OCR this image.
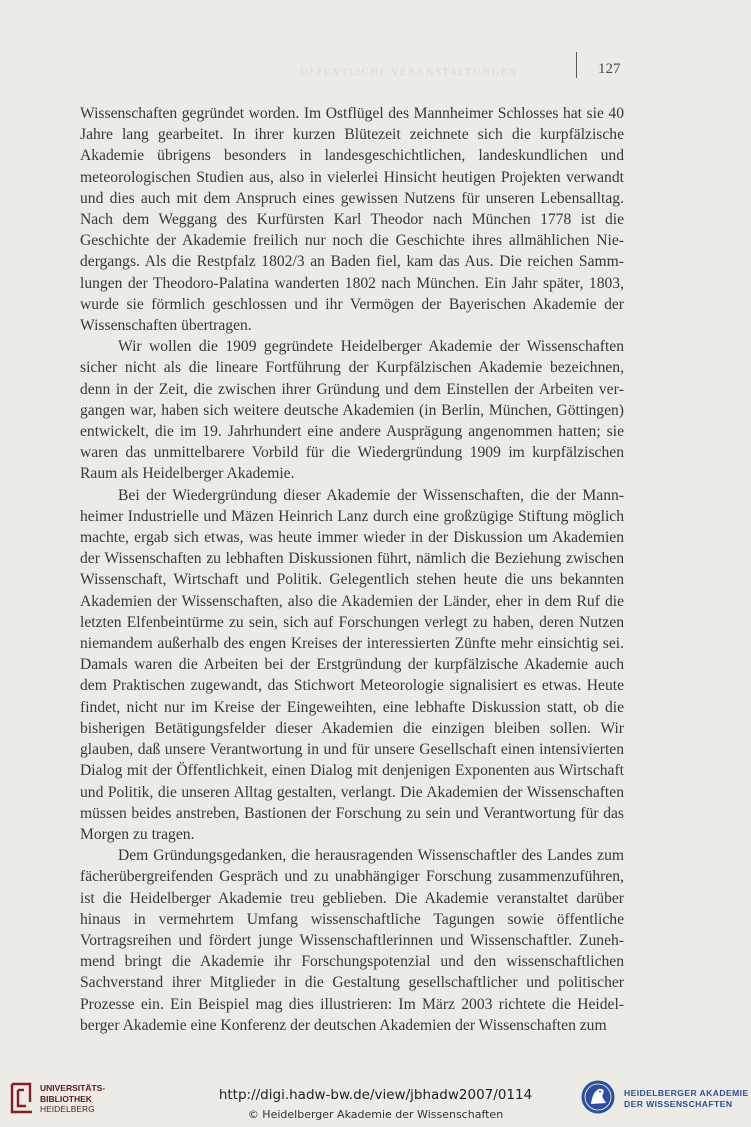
OFFENTLICHE VERANSTALTUNGEN	127

Wissenschaften gegründet worden. Im Ostflügel des Mannheimer Schlosses hat sie 40 Jahre lang gearbeitet. In ihrer kurzen Blütezeit zeichnete sich die kurpfälzische Akademie übrigens besonders in landesgeschichtlichen, landeskundlichen und meteorologischen Studien aus, also in vielerlei Hinsicht heutigen Projekten verwandt und dies auch mit dem Anspruch eines gewissen Nutzens für unseren Lebensalltag. Nach dem Weggang des Kurfürsten Karl Theodor nach München 1778 ist die Geschichte der Akademie freilich nur noch die Geschichte ihres allmählichen Niedergangs. Als die Restpfalz 1802/3 an Baden fiel, kam das Aus. Die reichen Sammlungen der Theodoro-Palatina wanderten 1802 nach München. Ein Jahr später, 1803, wurde sie förmlich geschlossen und ihr Vermögen der Bayerischen Akademie der Wissenschaften übertragen.

Wir wollen die 1909 gegründete Heidelberger Akademie der Wissenschaften sicher nicht als die lineare Fortführung der Kurpfälzischen Akademie bezeichnen, denn in der Zeit, die zwischen ihrer Gründung und dem Einstellen der Arbeiten vergangen war, haben sich weitere deutsche Akademien (in Berlin, München, Göttingen) entwickelt, die im 19. Jahrhundert eine andere Ausprägung angenommen hatten; sie waren das unmittelbarere Vorbild für die Wiedergründung 1909 im kurpfälzischen Raum als Heidelberger Akademie.

Bei der Wiedergründung dieser Akademie der Wissenschaften, die der Mannheimer Industrielle und Mäzen Heinrich Lanz durch eine großzügige Stiftung möglich machte, ergab sich etwas, was heute immer wieder in der Diskussion um Akademien der Wissenschaften zu lebhaften Diskussionen führt, nämlich die Beziehung zwischen Wissenschaft, Wirtschaft und Politik. Gelegentlich stehen heute die uns bekannten Akademien der Wissenschaften, also die Akademien der Länder, eher in dem Ruf die letzten Elfenbeintürme zu sein, sich auf Forschungen verlegt zu haben, deren Nutzen niemandem außerhalb des engen Kreises der interessierten Zünfte mehr einsichtig sei. Damals waren die Arbeiten bei der Erstgründung der kurpfälzische Akademie auch dem Praktischen zugewandt, das Stichwort Meteorologie signalisiert es etwas. Heute findet, nicht nur im Kreise der Eingeweihten, eine lebhafte Diskussion statt, ob die bisherigen Betätigungsfelder dieser Akademien die einzigen bleiben sollen. Wir glauben, daß unsere Verantwortung in und für unsere Gesellschaft einen intensivierten Dialog mit der Öffentlichkeit, einen Dialog mit denjenigen Exponenten aus Wirtschaft und Politik, die unseren Alltag gestalten, verlangt. Die Akademien der Wissenschaften müssen beides anstreben, Bastionen der Forschung zu sein und Verantwortung für das Morgen zu tragen.

Dem Gründungsgedanken, die herausragenden Wissenschaftler des Landes zum fächerübergreifenden Gespräch und zu unabhängiger Forschung zusammenzuführen, ist die Heidelberger Akademie treu geblieben. Die Akademie veranstaltet darüber hinaus in vermehrtem Umfang wissenschaftliche Tagungen sowie öffentliche Vortragsreihen und fördert junge Wissenschaftlerinnen und Wissenschaftler. Zunehmend bringt die Akademie ihr Forschungspotenzial und den wissenschaftlichen Sachverstand ihrer Mitglieder in die Gestaltung gesellschaftlicher und politischer Prozesse ein. Ein Beispiel mag dies illustrieren: Im März 2003 richtete die Heidelberger Akademie eine Konferenz der deutschen Akademien der Wissenschaften zum

UNIVERSITÄTS-
BIBLIOTHEK
HEIDELBERG
http://digi.hadw-bw.de/view/jbhadw2007/0114
© Heidelberger Akademie der Wissenschaften
HEIDELBERGER AKADEMIE
DER WISSENSCHAFTEN
